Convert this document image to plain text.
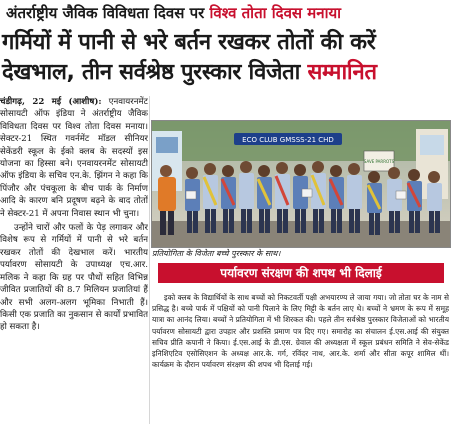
अंतर्राष्ट्रीय जैविक विविधता दिवस पर विश्व तोता दिवस मनाया
गर्मियों में पानी से भरे बर्तन रखकर तोतों की करें
देखभाल, तीन सर्वश्रेष्ठ पुरस्कार विजेता सम्मानित

चंडीगढ़, 22 मई (आशीष): एनवायरनमेंट सोसायटी ऑफ इंडिया ने अंतर्राष्ट्रीय जैविक विविधता दिवस पर विश्व तोता दिवस मनाया। सेक्टर-21 स्थित गवर्नमेंट मॉडल सीनियर सेकेंडरी स्कूल के ईको क्लब के सदस्यों इस योजना का हिस्सा बने। एनवायरनमेंट सोसायटी ऑफ इंडिया के सचिव एन.के. झिंगन ने कहा कि पिंजौर और पंचकूला के बीच पार्क के निर्माण आदि के कारण बनि प्रदूषण बढ़ने के बाद तोतों ने सेक्टर-21 में अपना निवास स्थान भी चुना।

उन्होंने चारों और फलों के पेड़ लगाकर और विशेष रूप से गर्मियों में पानी से भरे बर्तन रखकर तोतों की देखभाल करें। भारतीय पर्यावरण सोसायटी के उपाध्यक्ष एच.आर. मलिक ने कहा कि ग्रह पर पौधों सहित विभिन्न जीवित प्रजातियों की 8.7 मिलियन प्रजातियां हैं और सभी अलग-अलग भूमिका निभाती हैं। किसी एक प्रजाति का नुकसान से कार्यों प्रभावित हो सकता है।

ECO CLUB GMSSS-21 CHD
SAVE PARROTS
प्रतियोगिता के विजेता बच्चे पुरस्कार के साथ।
पर्यावरण संरक्षण की शपथ भी दिलाई

इको क्लब के विद्यार्थियों के साथ बच्चों को निकटवर्ती पक्षी अभयारण्य ले जाया गया। जो तोता घर के नाम से प्रसिद्ध है। बच्चे पार्क में पक्षियों को पानी पिलाने के लिए मिट्टी के बर्तन लाए थे। बच्चों ने भ्रमण के रूप में समूह यात्रा का आनंद लिया। बच्चों ने प्रतियोगिता में भी शिरकत की। पहले तीन सर्वश्रेष्ठ पुरस्कार विजेताओं को भारतीय पर्यावरण सोसायटी द्वारा उपहार और प्रशस्ति प्रमाण पत्र दिए गए। समारोह का संचालन ई.एस.आई की संयुक्त सचिव प्रीति कपानी ने किया। ई.एस.आई के डी.एस. ग्रेवाल की अध्यक्षता में स्कूल प्रबंधन समिति ने सेव-सेकेंड इनिशिएटिव एसोसिएशन के अध्यक्ष आर.के. गर्ग, रविंदर नाथ, आर.के. शर्मा और सीता कपूर शामिल थीं। कार्यक्रम के दौरान पर्यावरण संरक्षण की शपथ भी दिलाई गई।
